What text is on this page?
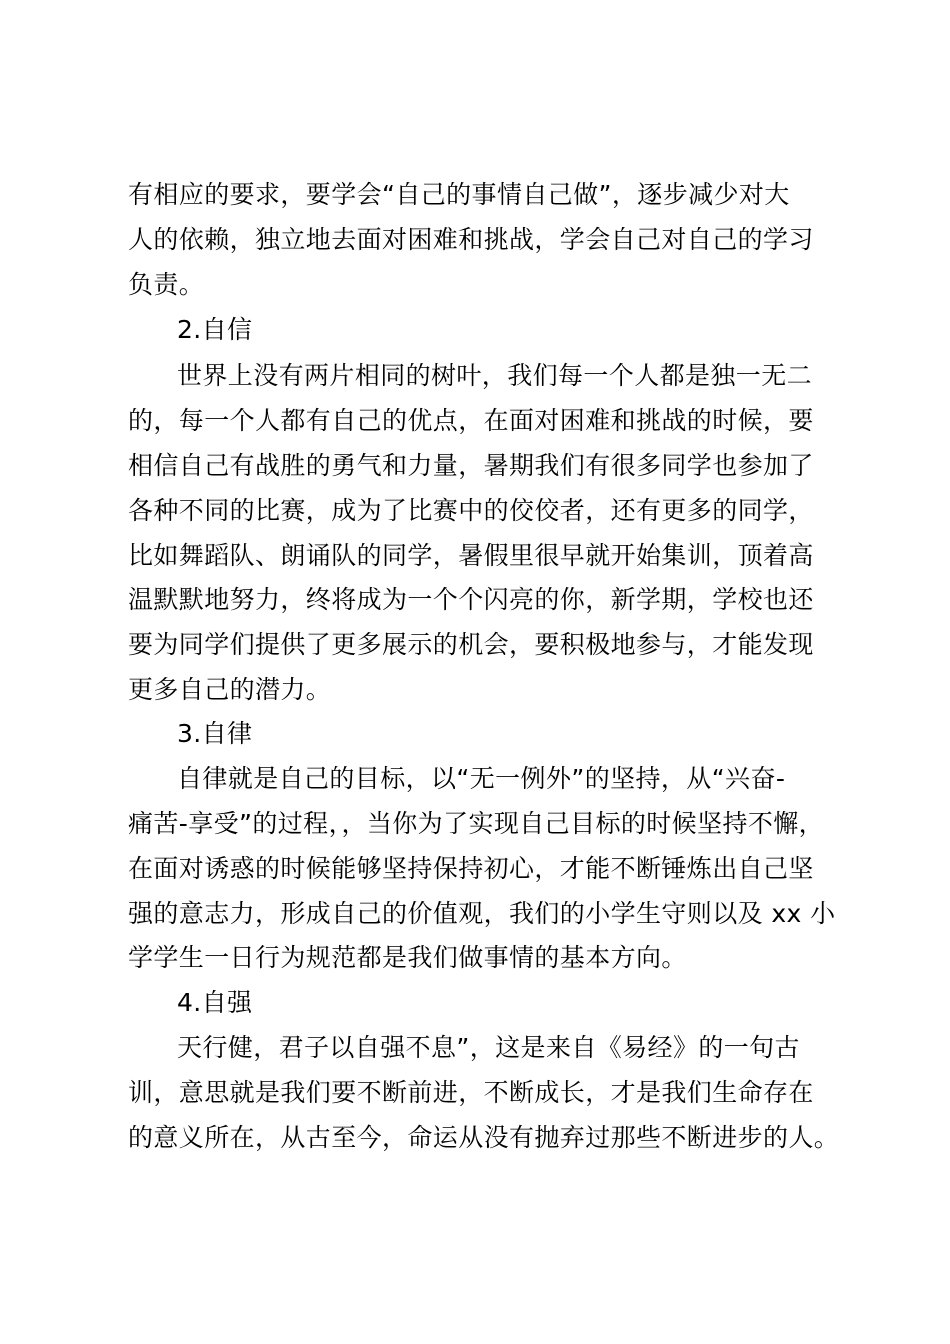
有相应的要求，要学会“自己的事情自己做”，逐步减少对大
人的依赖，独立地去面对困难和挑战，学会自己对自己的学习
负责。
2.自信
世界上没有两片相同的树叶，我们每一个人都是独一无二
的，每一个人都有自己的优点，在面对困难和挑战的时候，要
相信自己有战胜的勇气和力量，暑期我们有很多同学也参加了
各种不同的比赛，成为了比赛中的佼佼者，还有更多的同学，
比如舞蹈队、朗诵队的同学，暑假里很早就开始集训，顶着高
温默默地努力，终将成为一个个闪亮的你，新学期，学校也还
要为同学们提供了更多展示的机会，要积极地参与，才能发现
更多自己的潜力。
3.自律
自律就是自己的目标，以“无一例外”的坚持，从“兴奋-
痛苦-享受”的过程，，当你为了实现自己目标的时候坚持不懈，
在面对诱惑的时候能够坚持保持初心，才能不断锤炼出自己坚
强的意志力，形成自己的价值观，我们的小学生守则以及 xx 小
学学生一日行为规范都是我们做事情的基本方向。
4.自强
天行健，君子以自强不息”，这是来自《易经》的一句古
训，意思就是我们要不断前进，不断成长，才是我们生命存在
的意义所在，从古至今，命运从没有抛弃过那些不断进步的人。
